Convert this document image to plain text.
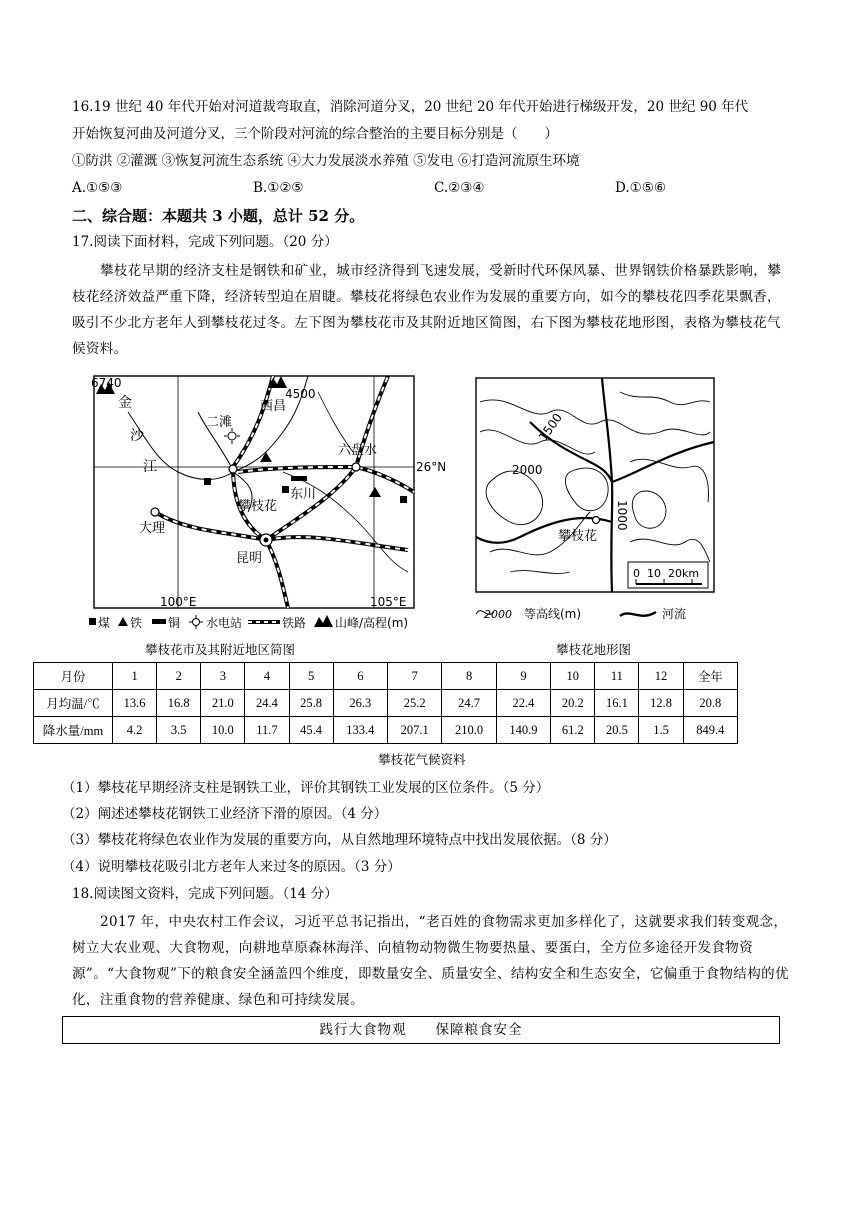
16.19 世纪 40 年代开始对河道裁弯取直，消除河道分叉，20 世纪 20 年代开始进行梯级开发，20 世纪 90 年代
开始恢复河曲及河道分叉，三个阶段对河流的综合整治的主要目标分别是（　　）
①防洪 ②灌溉 ③恢复河流生态系统 ④大力发展淡水养殖 ⑤发电 ⑥打造河流原生环境
A.①⑤③	B.①②⑤	C.②③④	D.①⑤⑥
二、综合题：本题共 3 小题，总计 52 分。
17.阅读下面材料，完成下列问题。（20 分）
攀枝花早期的经济支柱是钢铁和矿业，城市经济得到飞速发展，受新时代环保风暴、世界钢铁价格暴跌影响，攀枝花经济效益严重下降，经济转型迫在眉睫。攀枝花将绿色农业作为发展的重要方向，如今的攀枝花四季花果飘香，吸引不少北方老年人到攀枝花过冬。左下图为攀枝花市及其附近地区简图，右下图为攀枝花地形图，表格为攀枝花气候资料。
6740
4500
金
沙
江
西昌
二滩
六盘水
东川
攀枝花
大理
昆明
26°N
100°E	105°E
煤 铁 铜 水电站	铁路 山峰/高程(m)
攀枝花市及其附近地区简图
1500
2000
1000
攀枝花
0 10 20km
2000 等高线(m)	河流
攀枝花地形图
月份	1	2	3	4	5	6	7	8	9	10	11	12	全年
月均温/℃	13.6	16.8	21.0	24.4	25.8	26.3	25.2	24.7	22.4	20.2	16.1	12.8	20.8
降水量/mm	4.2	3.5	10.0	11.7	45.4	133.4	207.1	210.0	140.9	61.2	20.5	1.5	849.4
攀枝花气候资料
（1）攀枝花早期经济支柱是钢铁工业，评价其钢铁工业发展的区位条件。（5 分）
（2）阐述述攀枝花钢铁工业经济下滑的原因。（4 分）
（3）攀枝花将绿色农业作为发展的重要方向，从自然地理环境特点中找出发展依据。（8 分）
（4）说明攀枝花吸引北方老年人来过冬的原因。（3 分）
18.阅读图文资料，完成下列问题。（14 分）
2017 年，中央农村工作会议，习近平总书记指出，“老百姓的食物需求更加多样化了，这就要求我们转变观念，树立大农业观、大食物观，向耕地草原森林海洋、向植物动物微生物要热量、要蛋白，全方位多途径开发食物资源”。“大食物观”下的粮食安全涵盖四个维度，即数量安全、质量安全、结构安全和生态安全，它偏重于食物结构的优化，注重食物的营养健康、绿色和可持续发展。
践行大食物观　　保障粮食安全
